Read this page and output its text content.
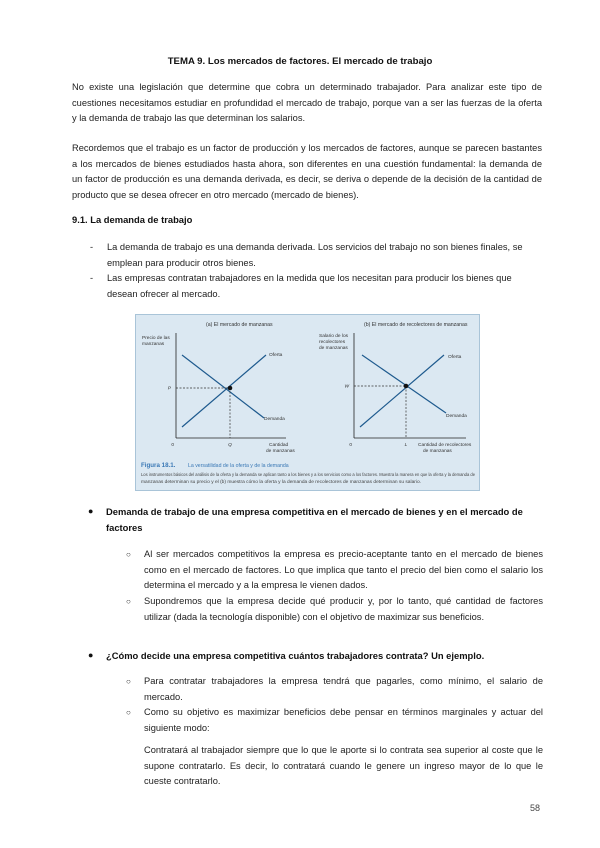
TEMA 9. Los mercados de factores. El mercado de trabajo

No existe una legislación que determine que cobra un determinado trabajador. Para analizar este tipo de cuestiones necesitamos estudiar en profundidad el mercado de trabajo, porque van a ser las fuerzas de la oferta y la demanda de trabajo las que determinan los salarios.

Recordemos que el trabajo es un factor de producción y los mercados de factores, aunque se parecen bastantes a los mercados de bienes estudiados hasta ahora, son diferentes en una cuestión fundamental: la demanda de un factor de producción es una demanda derivada, es decir, se deriva o depende de la decisión de la cantidad de producto que se desea ofrecer en otro mercado (mercado de bienes).

9.1. La demanda de trabajo
- La demanda de trabajo es una demanda derivada. Los servicios del trabajo no son bienes finales, se emplean para producir otros bienes.
- Las empresas contratan trabajadores en la medida que los necesitan para producir los bienes que desean ofrecer al mercado.
(a) El mercado de manzanas
Precio de las
manzanas
P
Q
0
Oferta
Demanda
Cantidad
de manzanas
(b) El mercado de recolectores de manzanas
Salario de los
recolectores
de manzanas
W
L
0
Oferta
Demanda
Cantidad de recolectores
de manzanas
Figura 18.1. La versatilidad de la oferta y de la demanda
Los instrumentos básicos del análisis de la oferta y la demanda se aplican tanto a los bienes y a los servicios como a los factores. Muestra la manera en que la oferta y la demanda de
manzanas determinan su precio y el (b) muestra cómo la oferta y la demanda de recolectores de manzanas determinan su salario.
● Demanda de trabajo de una empresa competitiva en el mercado de bienes y en el mercado de factores
○ Al ser mercados competitivos la empresa es precio-aceptante tanto en el mercado de bienes como en el mercado de factores. Lo que implica que tanto el precio del bien como el salario los determina el mercado y a la empresa le vienen dados.
○ Supondremos que la empresa decide qué producir y, por lo tanto, qué cantidad de factores utilizar (dada la tecnología disponible) con el objetivo de maximizar sus beneficios.
● ¿Cómo decide una empresa competitiva cuántos trabajadores contrata? Un ejemplo.
○ Para contratar trabajadores la empresa tendrá que pagarles, como mínimo, el salario de mercado.
○ Como su objetivo es maximizar beneficios debe pensar en términos marginales y actuar del siguiente modo:

Contratará al trabajador siempre que lo que le aporte si lo contrata sea superior al coste que le supone contratarlo. Es decir, lo contratará cuando le genere un ingreso mayor de lo que le cueste contratarlo.

58
